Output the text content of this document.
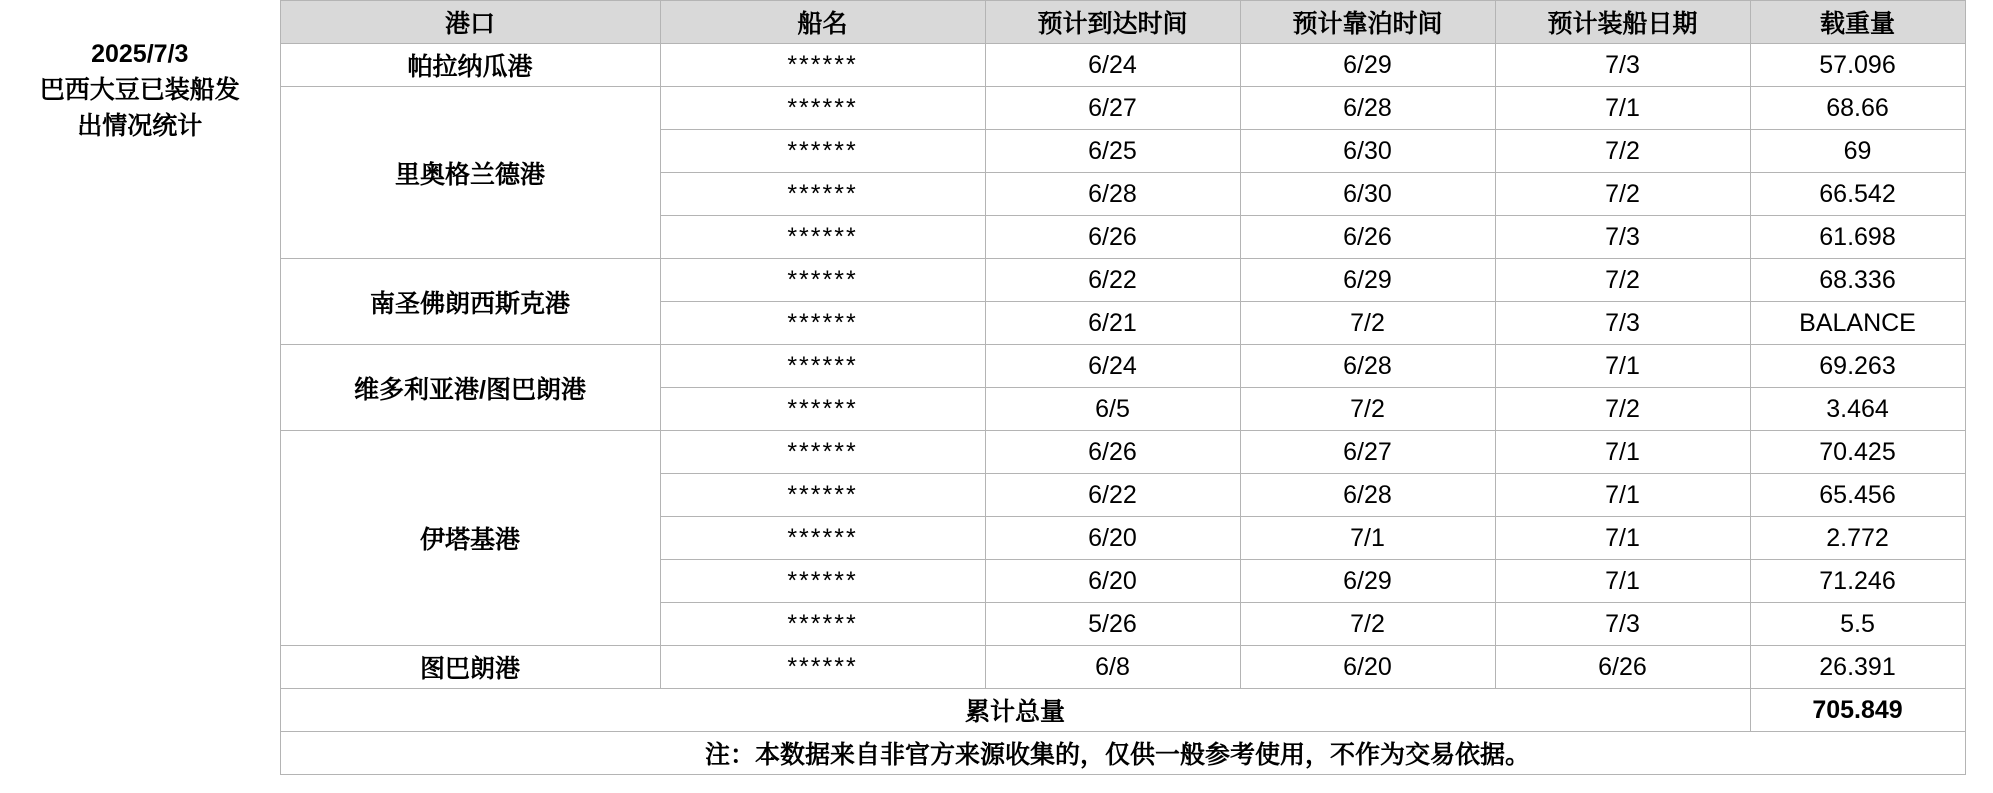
2025/7/3
巴西大豆已装船发
出情况统计	港口	船名	预计到达时间	预计靠泊时间	预计装船日期	载重量
	帕拉纳瓜港	******	6/24	6/29	7/3	57.096
	里奥格兰德港	******	6/27	6/28	7/1	68.66
		******	6/25	6/30	7/2	69
		******	6/28	6/30	7/2	66.542
		******	6/26	6/26	7/3	61.698
	南圣佛朗西斯克港	******	6/22	6/29	7/2	68.336
		******	6/21	7/2	7/3	BALANCE
	维多利亚港/图巴朗港	******	6/24	6/28	7/1	69.263
		******	6/5	7/2	7/2	3.464
	伊塔基港	******	6/26	6/27	7/1	70.425
		******	6/22	6/28	7/1	65.456
		******	6/20	7/1	7/1	2.772
		******	6/20	6/29	7/1	71.246
		******	5/26	7/2	7/3	5.5
	图巴朗港	******	6/8	6/20	6/26	26.391
	累计总量					705.849
	注：本数据来自非官方来源收集的，仅供一般参考使用，不作为交易依据。					
